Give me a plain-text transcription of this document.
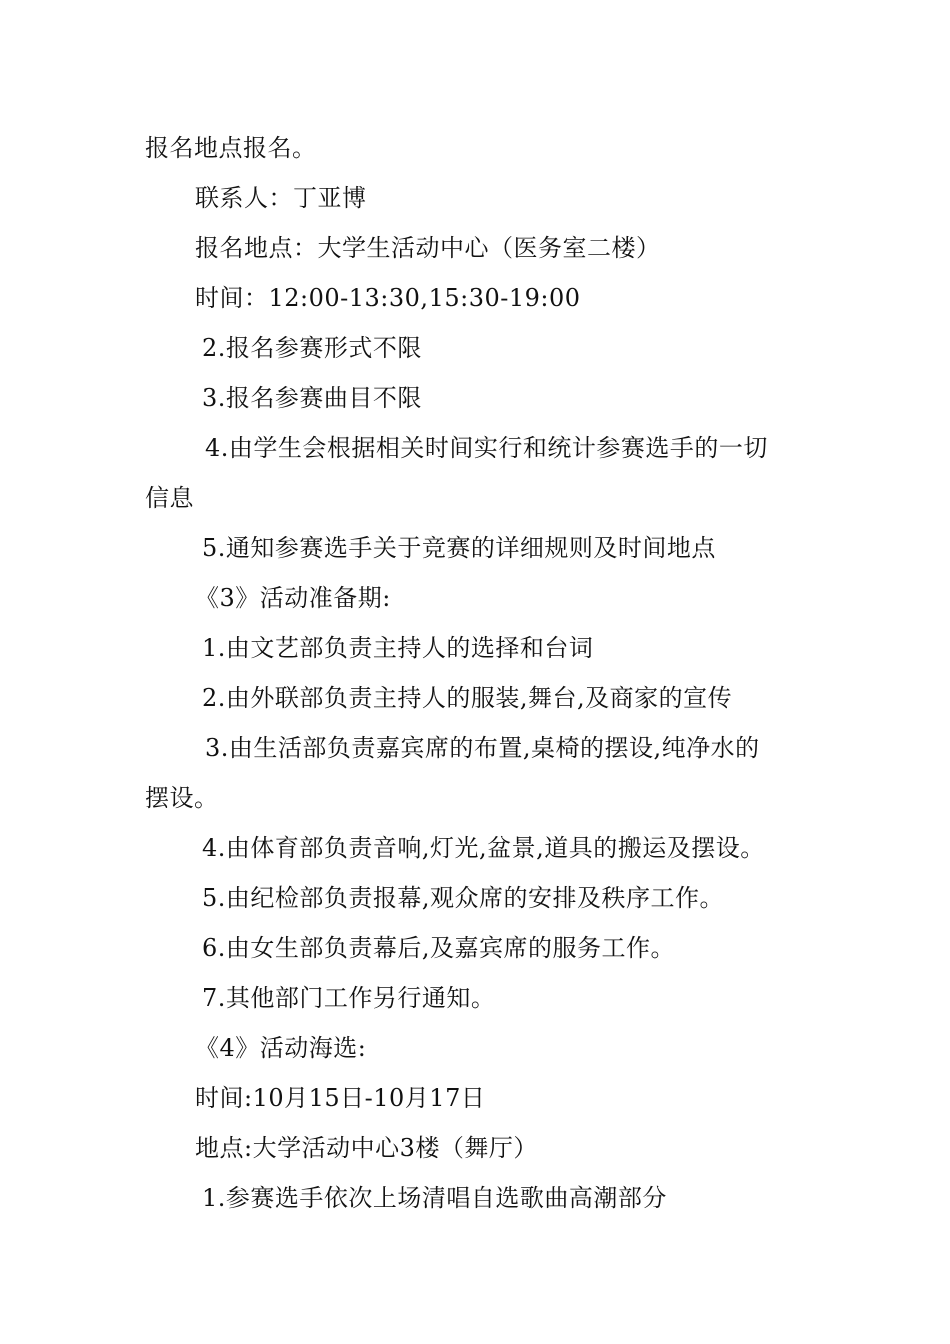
报名地点报名。
联系人：丁亚博
报名地点：大学生活动中心（医务室二楼）
时间：12:00-13:30,15:30-19:00
2.报名参赛形式不限
3.报名参赛曲目不限
4.由学生会根据相关时间实行和统计参赛选手的一切
信息
5.通知参赛选手关于竞赛的详细规则及时间地点
《3》活动准备期:
1.由文艺部负责主持人的选择和台词
2.由外联部负责主持人的服装,舞台,及商家的宣传
3.由生活部负责嘉宾席的布置,桌椅的摆设,纯净水的
摆设。
4.由体育部负责音响,灯光,盆景,道具的搬运及摆设。
5.由纪检部负责报幕,观众席的安排及秩序工作。
6.由女生部负责幕后,及嘉宾席的服务工作。
7.其他部门工作另行通知。
《4》活动海选:
时间:10月15日-10月17日
地点:大学活动中心3楼（舞厅）
1.参赛选手依次上场清唱自选歌曲高潮部分
